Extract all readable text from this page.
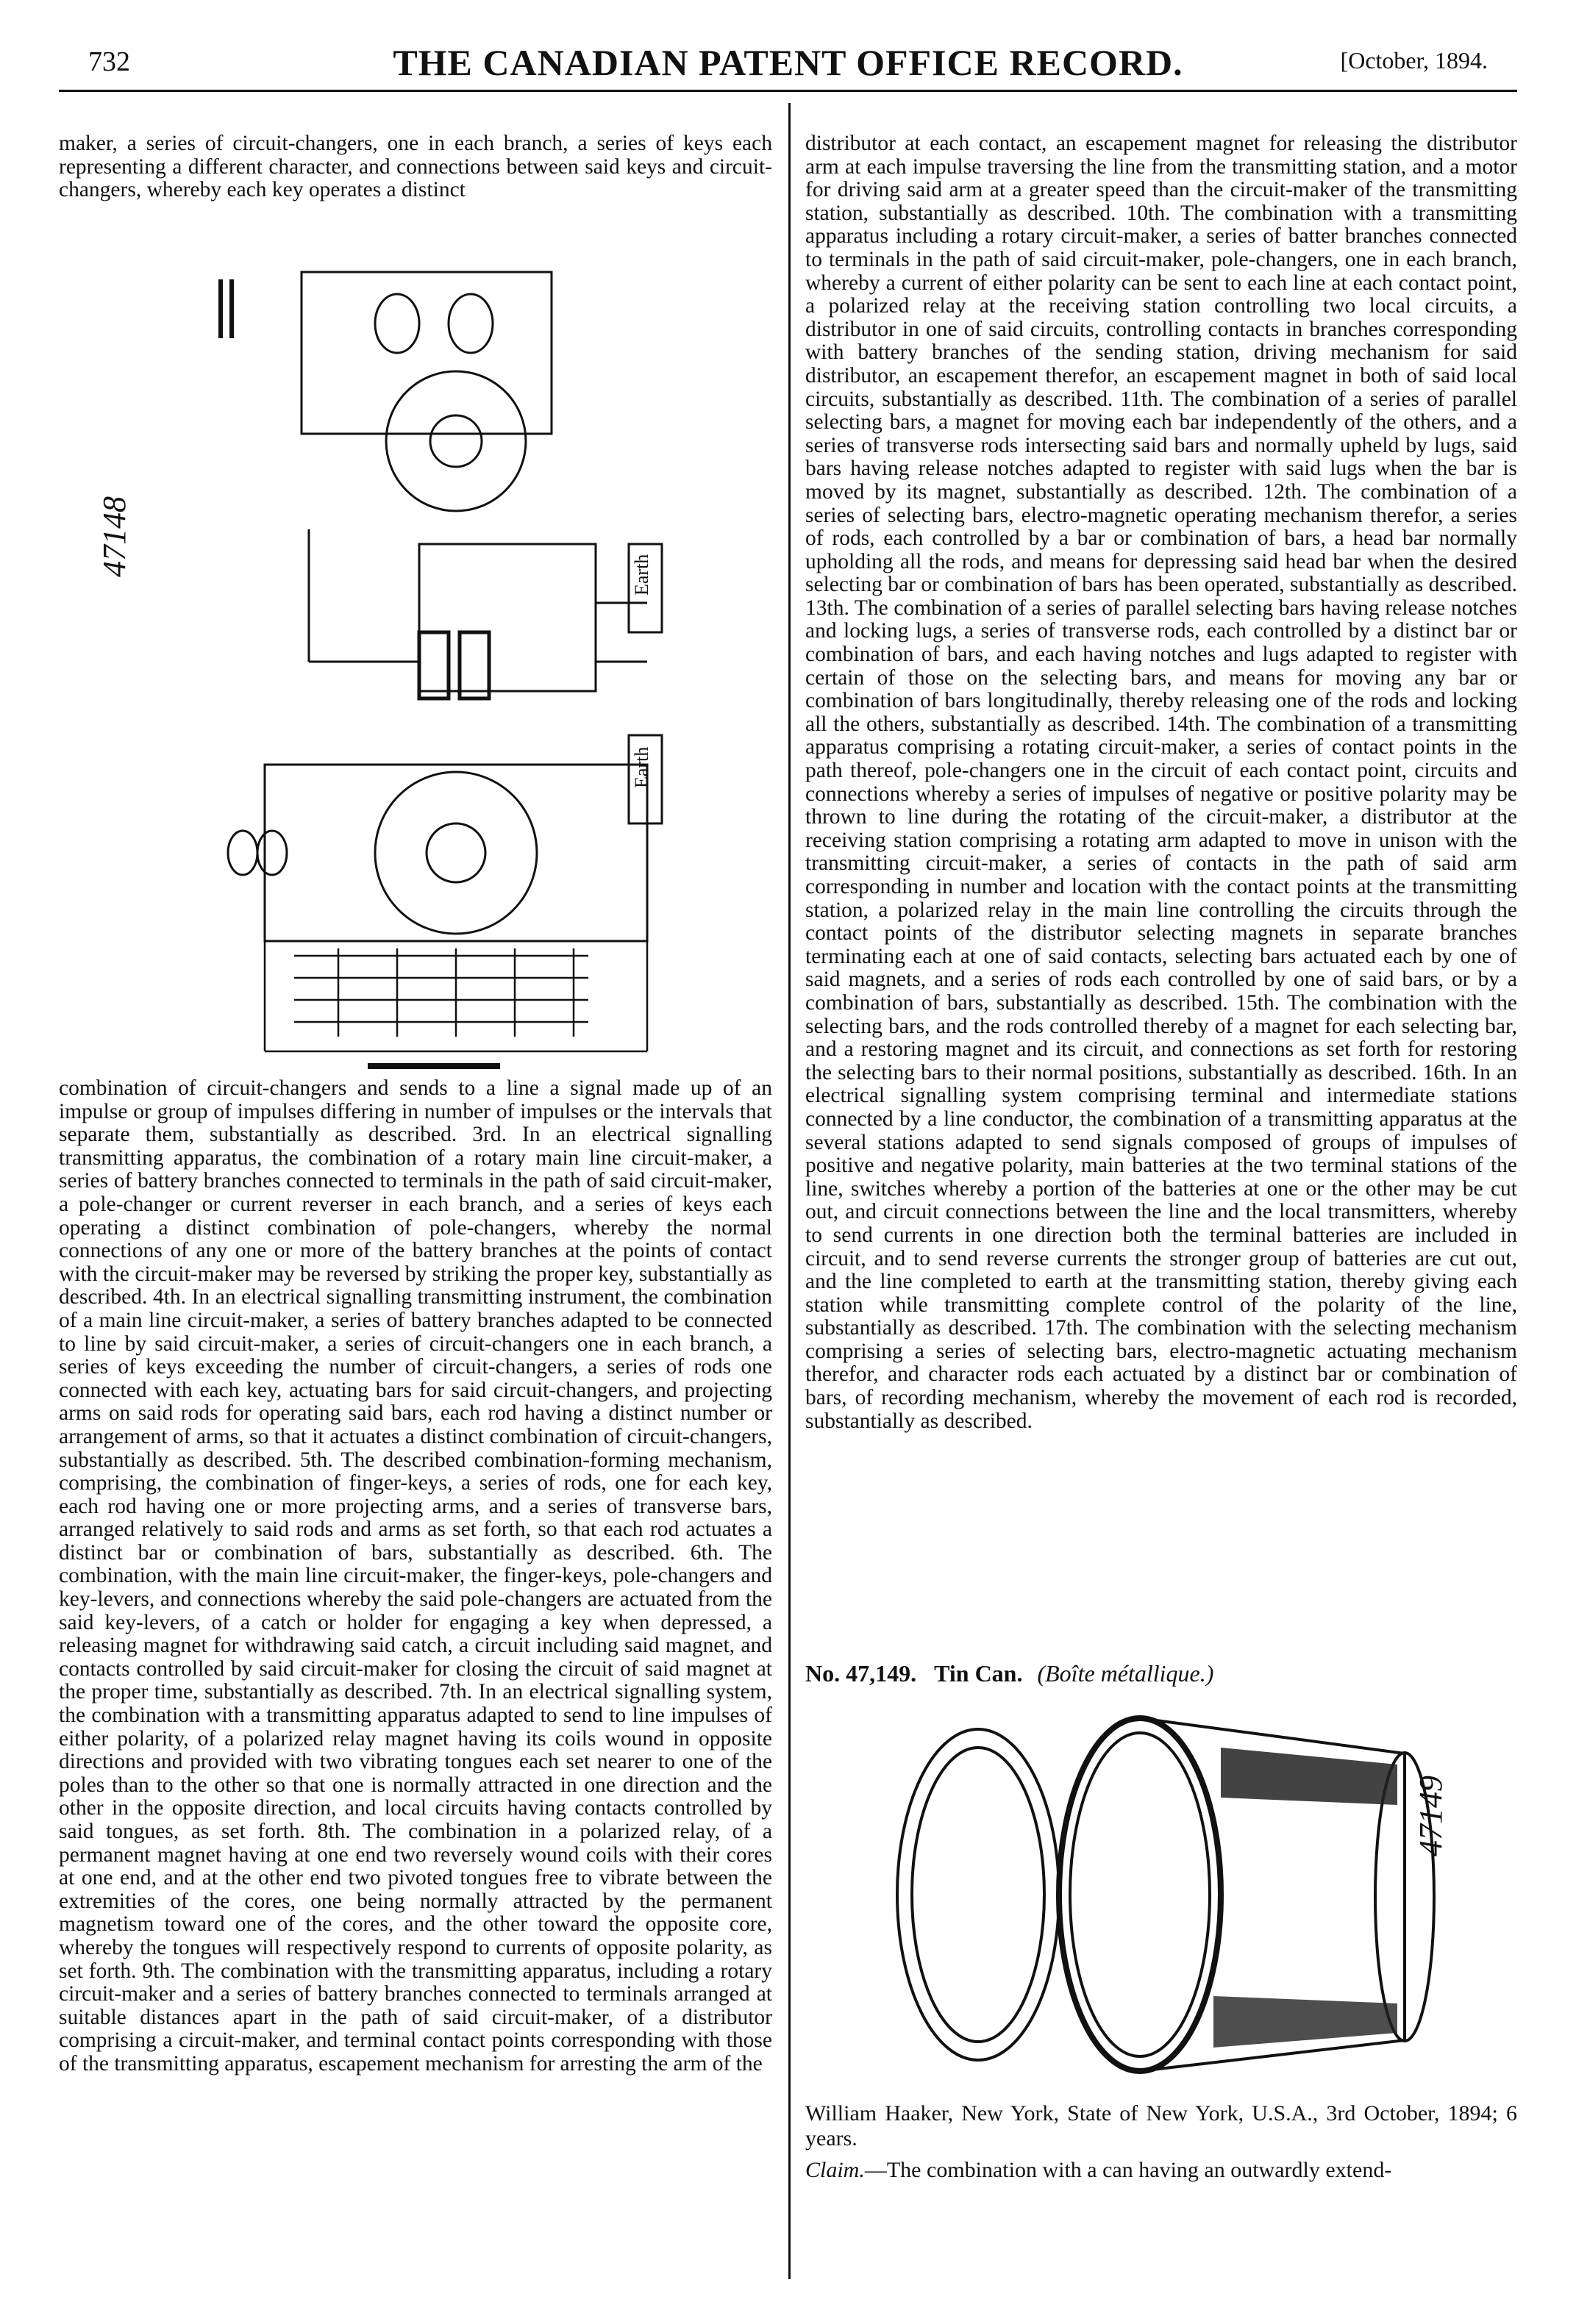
732	THE CANADIAN PATENT OFFICE RECORD.	[October, 1894.

maker, a series of circuit-changers, one in each branch, a series of keys each representing a different character, and connections between said keys and circuit-changers, whereby each key operates a distinct

47148	Earth
Earth

combination of circuit-changers and sends to a line a signal made up of an impulse or group of impulses differing in number of impulses or the intervals that separate them, substantially as described. 3rd. In an electrical signalling transmitting apparatus, the combination of a rotary main line circuit-maker, a series of battery branches connected to terminals in the path of said circuit-maker, a pole-changer or current reverser in each branch, and a series of keys each operating a distinct combination of pole-changers, whereby the normal connections of any one or more of the battery branches at the points of contact with the circuit-maker may be reversed by striking the proper key, substantially as described. 4th. In an electrical signalling transmitting instrument, the combination of a main line circuit-maker, a series of battery branches adapted to be connected to line by said circuit-maker, a series of circuit-changers one in each branch, a series of keys exceeding the number of circuit-changers, a series of rods one connected with each key, actuating bars for said circuit-changers, and projecting arms on said rods for operating said bars, each rod having a distinct number or arrangement of arms, so that it actuates a distinct combination of circuit-changers, substantially as described. 5th. The described combination-forming mechanism, comprising, the combination of finger-keys, a series of rods, one for each key, each rod having one or more projecting arms, and a series of transverse bars, arranged relatively to said rods and arms as set forth, so that each rod actuates a distinct bar or combination of bars, substantially as described. 6th. The combination, with the main line circuit-maker, the finger-keys, pole-changers and key-levers, and connections whereby the said pole-changers are actuated from the said key-levers, of a catch or holder for engaging a key when depressed, a releasing magnet for withdrawing said catch, a circuit including said magnet, and contacts controlled by said circuit-maker for closing the circuit of said magnet at the proper time, substantially as described. 7th. In an electrical signalling system, the combination with a transmitting apparatus adapted to send to line impulses of either polarity, of a polarized relay magnet having its coils wound in opposite directions and provided with two vibrating tongues each set nearer to one of the poles than to the other so that one is normally attracted in one direction and the other in the opposite direction, and local circuits having contacts controlled by said tongues, as set forth. 8th. The combination in a polarized relay, of a permanent magnet having at one end two reversely wound coils with their cores at one end, and at the other end two pivoted tongues free to vibrate between the extremities of the cores, one being normally attracted by the permanent magnetism toward one of the cores, and the other toward the opposite core, whereby the tongues will respectively respond to currents of opposite polarity, as set forth. 9th. The combination with the transmitting apparatus, including a rotary circuit-maker and a series of battery branches connected to terminals arranged at suitable distances apart in the path of said circuit-maker, of a distributor comprising a circuit-maker, and terminal contact points corresponding with those of the transmitting apparatus, escapement mechanism for arresting the arm of the

distributor at each contact, an escapement magnet for releasing the distributor arm at each impulse traversing the line from the transmitting station, and a motor for driving said arm at a greater speed than the circuit-maker of the transmitting station, substantially as described. 10th. The combination with a transmitting apparatus including a rotary circuit-maker, a series of batter branches connected to terminals in the path of said circuit-maker, pole-changers, one in each branch, whereby a current of either polarity can be sent to each line at each contact point, a polarized relay at the receiving station controlling two local circuits, a distributor in one of said circuits, controlling contacts in branches corresponding with battery branches of the sending station, driving mechanism for said distributor, an escapement therefor, an escapement magnet in both of said local circuits, substantially as described. 11th. The combination of a series of parallel selecting bars, a magnet for moving each bar independently of the others, and a series of transverse rods intersecting said bars and normally upheld by lugs, said bars having release notches adapted to register with said lugs when the bar is moved by its magnet, substantially as described. 12th. The combination of a series of selecting bars, electro-magnetic operating mechanism therefor, a series of rods, each controlled by a bar or combination of bars, a head bar normally upholding all the rods, and means for depressing said head bar when the desired selecting bar or combination of bars has been operated, substantially as described. 13th. The combination of a series of parallel selecting bars having release notches and locking lugs, a series of transverse rods, each controlled by a distinct bar or combination of bars, and each having notches and lugs adapted to register with certain of those on the selecting bars, and means for moving any bar or combination of bars longitudinally, thereby releasing one of the rods and locking all the others, substantially as described. 14th. The combination of a transmitting apparatus comprising a rotating circuit-maker, a series of contact points in the path thereof, pole-changers one in the circuit of each contact point, circuits and connections whereby a series of impulses of negative or positive polarity may be thrown to line during the rotating of the circuit-maker, a distributor at the receiving station comprising a rotating arm adapted to move in unison with the transmitting circuit-maker, a series of contacts in the path of said arm corresponding in number and location with the contact points at the transmitting station, a polarized relay in the main line controlling the circuits through the contact points of the distributor selecting magnets in separate branches terminating each at one of said contacts, selecting bars actuated each by one of said magnets, and a series of rods each controlled by one of said bars, or by a combination of bars, substantially as described. 15th. The combination with the selecting bars, and the rods controlled thereby of a magnet for each selecting bar, and a restoring magnet and its circuit, and connections as set forth for restoring the selecting bars to their normal positions, substantially as described. 16th. In an electrical signalling system comprising terminal and intermediate stations connected by a line conductor, the combination of a transmitting apparatus at the several stations adapted to send signals composed of groups of impulses of positive and negative polarity, main batteries at the two terminal stations of the line, switches whereby a portion of the batteries at one or the other may be cut out, and circuit connections between the line and the local transmitters, whereby to send currents in one direction both the terminal batteries are included in circuit, and to send reverse currents the stronger group of batteries are cut out, and the line completed to earth at the transmitting station, thereby giving each station while transmitting complete control of the polarity of the line, substantially as described. 17th. The combination with the selecting mechanism comprising a series of selecting bars, electro-magnetic actuating mechanism therefor, and character rods each actuated by a distinct bar or combination of bars, of recording mechanism, whereby the movement of each rod is recorded, substantially as described.

No. 47,149. Tin Can. (Boîte métallique.)
47149
William Haaker, New York, State of New York, U.S.A., 3rd October, 1894; 6 years.
Claim.—The combination with a can having an outwardly extend-
